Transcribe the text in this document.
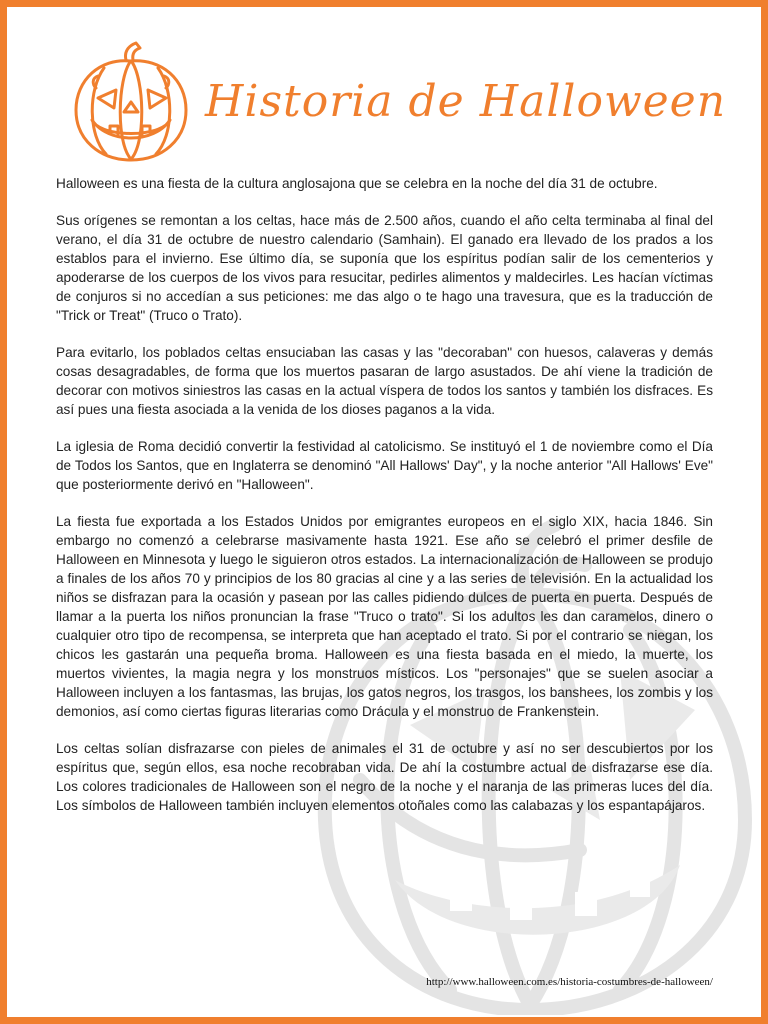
Historia de Halloween

Halloween es una fiesta de la cultura anglosajona que se celebra en la noche del día 31 de octubre.

Sus orígenes se remontan a los celtas, hace más de 2.500 años, cuando el año celta terminaba al final del verano, el día 31 de octubre de nuestro calendario (Samhain). El ganado era llevado de los prados a los establos para el invierno. Ese último día, se suponía que los espíritus podían salir de los cementerios y apoderarse de los cuerpos de los vivos para resucitar, pedirles alimentos y maldecirles. Les hacían víctimas de conjuros si no accedían a sus peticiones: me das algo o te hago una travesura, que es la traducción de "Trick or Treat" (Truco o Trato).

Para evitarlo, los poblados celtas ensuciaban las casas y las "decoraban" con huesos, calaveras y demás cosas desagradables, de forma que los muertos pasaran de largo asustados. De ahí viene la tradición de decorar con motivos siniestros las casas en la actual víspera de todos los santos y también los disfraces. Es así pues una fiesta asociada a la venida de los dioses paganos a la vida.

La iglesia de Roma decidió convertir la festividad al catolicismo. Se instituyó el 1 de noviembre como el Día de Todos los Santos, que en Inglaterra se denominó "All Hallows' Day", y la noche anterior "All Hallows' Eve" que posteriormente derivó en "Halloween".

La fiesta fue exportada a los Estados Unidos por emigrantes europeos en el siglo XIX, hacia 1846. Sin embargo no comenzó a celebrarse masivamente hasta 1921. Ese año se celebró el primer desfile de Halloween en Minnesota y luego le siguieron otros estados. La internacionalización de Halloween se produjo a finales de los años 70 y principios de los 80 gracias al cine y a las series de televisión. En la actualidad los niños se disfrazan para la ocasión y pasean por las calles pidiendo dulces de puerta en puerta. Después de llamar a la puerta los niños pronuncian la frase "Truco o trato". Si los adultos les dan caramelos, dinero o cualquier otro tipo de recompensa, se interpreta que han aceptado el trato. Si por el contrario se niegan, los chicos les gastarán una pequeña broma. Halloween es una fiesta basada en el miedo, la muerte, los muertos vivientes, la magia negra y los monstruos místicos. Los "personajes" que se suelen asociar a Halloween incluyen a los fantasmas, las brujas, los gatos negros, los trasgos, los banshees, los zombis y los demonios, así como ciertas figuras literarias como Drácula y el monstruo de Frankenstein.

Los celtas solían disfrazarse con pieles de animales el 31 de octubre y así no ser descubiertos por los espíritus que, según ellos, esa noche recobraban vida. De ahí la costumbre actual de disfrazarse ese día. Los colores tradicionales de Halloween son el negro de la noche y el naranja de las primeras luces del día. Los símbolos de Halloween también incluyen elementos otoñales como las calabazas y los espantapájaros.

http://www.halloween.com.es/historia-costumbres-de-halloween/
